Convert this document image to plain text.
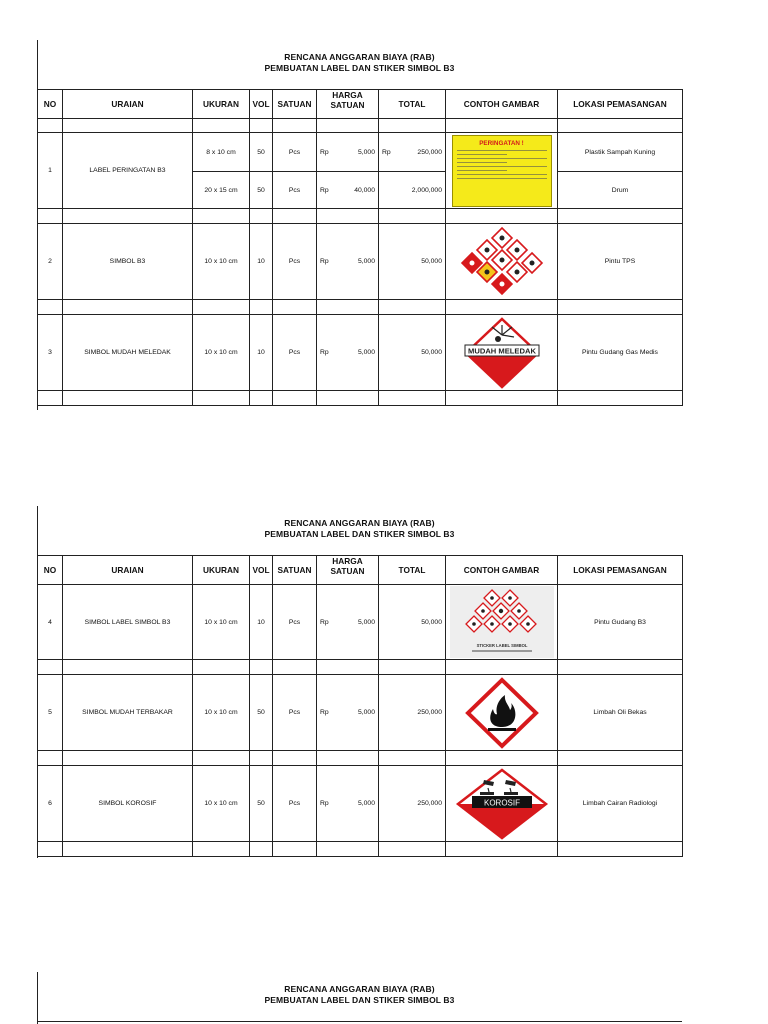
RENCANA ANGGARAN BIAYA (RAB)
PEMBUATAN LABEL DAN STIKER SIMBOL B3
NO	URAIAN	UKURAN	VOL	SATUAN	HARGA SATUAN	TOTAL	CONTOH GAMBAR	LOKASI PEMASANGAN

1	LABEL PERINGATAN B3	8 x 10 cm	50	Pcs	Rp 5,000	Rp 250,000	PERINGATAN !	Plastik Sampah Kuning
		20 x 15 cm	50	Pcs	Rp 40,000	2,000,000		Drum

2	SIMBOL B3	10 x 10 cm	10	Pcs	Rp 5,000	50,000		Pintu TPS

3	SIMBOL MUDAH MELEDAK	10 x 10 cm	10	Pcs	Rp 5,000	50,000	MUDAH MELEDAK	Pintu Gudang Gas Medis

RENCANA ANGGARAN BIAYA (RAB)
PEMBUATAN LABEL DAN STIKER SIMBOL B3
NO	URAIAN	UKURAN	VOL	SATUAN	HARGA SATUAN	TOTAL	CONTOH GAMBAR	LOKASI PEMASANGAN
4	SIMBOL LABEL SIMBOL B3	10 x 10 cm	10	Pcs	Rp 5,000	50,000	STICKER LABEL SIMBOL	Pintu Gudang B3

5	SIMBOL MUDAH TERBAKAR	10 x 10 cm	50	Pcs	Rp 5,000	250,000		Limbah Oli Bekas

6	SIMBOL KOROSIF	10 x 10 cm	50	Pcs	Rp 5,000	250,000	KOROSIF	Limbah Cairan Radiologi

RENCANA ANGGARAN BIAYA (RAB)
PEMBUATAN LABEL DAN STIKER SIMBOL B3
